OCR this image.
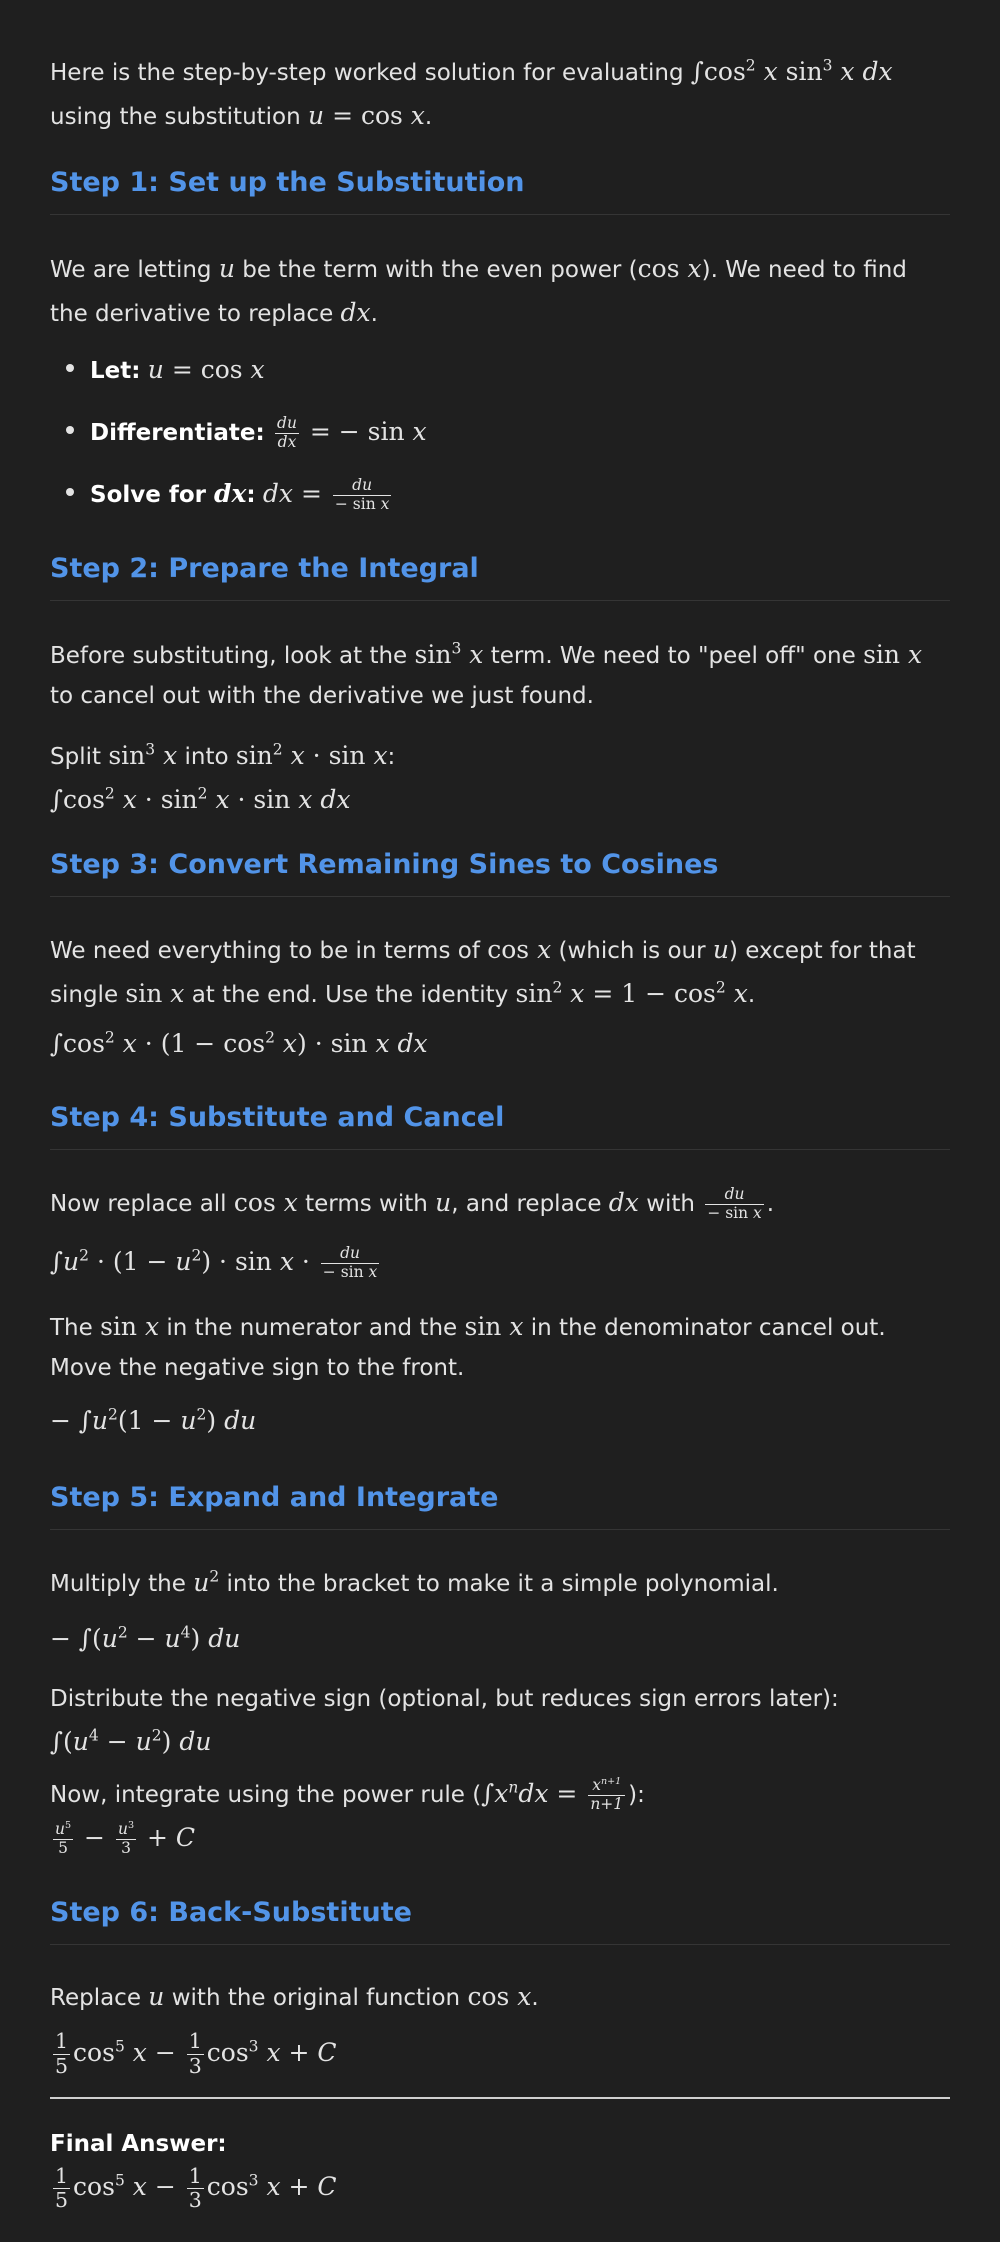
Here is the step-by-step worked solution for evaluating $\int\cos^2$ x $\sin^3 x$ dx using the substitution u = cos x.

Step 1: Set up the Substitution

We are letting u be the term with the even power (cos x). We need to find the derivative to replace dx.

Let: u = cos x
Differentiate: $\frac{du}{dx}$ = − sin x
Solve for dx: dx = $\frac{du}{\text{− sin x}}$
Step 2: Prepare the Integral

Before substituting, look at the $\sin^3 x$ term. We need to "peel off" one sin x to cancel out with the derivative we just found.

Split $\sin^3 x$ into $\sin^2 x \cdot \sin x$:
$\int\cos^2$ $x \cdot \sin^2 x \cdot \sin x$ dx

Step 3: Convert Remaining Sines to Cosines

We need everything to be in terms of cos x (which is our u) except for that single sin x at the end. Use the identity $\sin^2 x = 1 - \cos^2 x$.

$\int\cos^2$ $x \cdot (1 - \cos^2 x) \cdot \sin x$ dx

Step 4: Substitute and Cancel

Now replace all cos x terms with u, and replace dx with $\frac{du}{\text{− sin x}}$ .

$\int u^2 \cdot (1 - u^2) \cdot \sin x \cdot \frac{du}{\text{− sin x}}$

The sin x in the numerator and the sin x in the denominator cancel out. Move the negative sign to the front.

− $\int u^2(1 - u^2)$ du

Step 5: Expand and Integrate

Multiply the $u^2$ into the bracket to make it a simple polynomial.

− $\int(u^2 - u^4)$ du

Distribute the negative sign (optional, but reduces sign errors later):
$\int(u^4 - u^2)$ du

Now, integrate using the power rule ($\int x^ndx = \frac{x^{n+1}}{n+1}$ ):

$\frac{u^5}{5} - \frac{u^3}{3} + C$

Step 6: Back-Substitute

Replace u with the original function cos x.

$\frac{1}{5} \cos^5 x - \frac{1}{3} \cos^3 x + C$

Final Answer:

$\frac{1}{5} \cos^5 x - \frac{1}{3} \cos^3 x + C$
